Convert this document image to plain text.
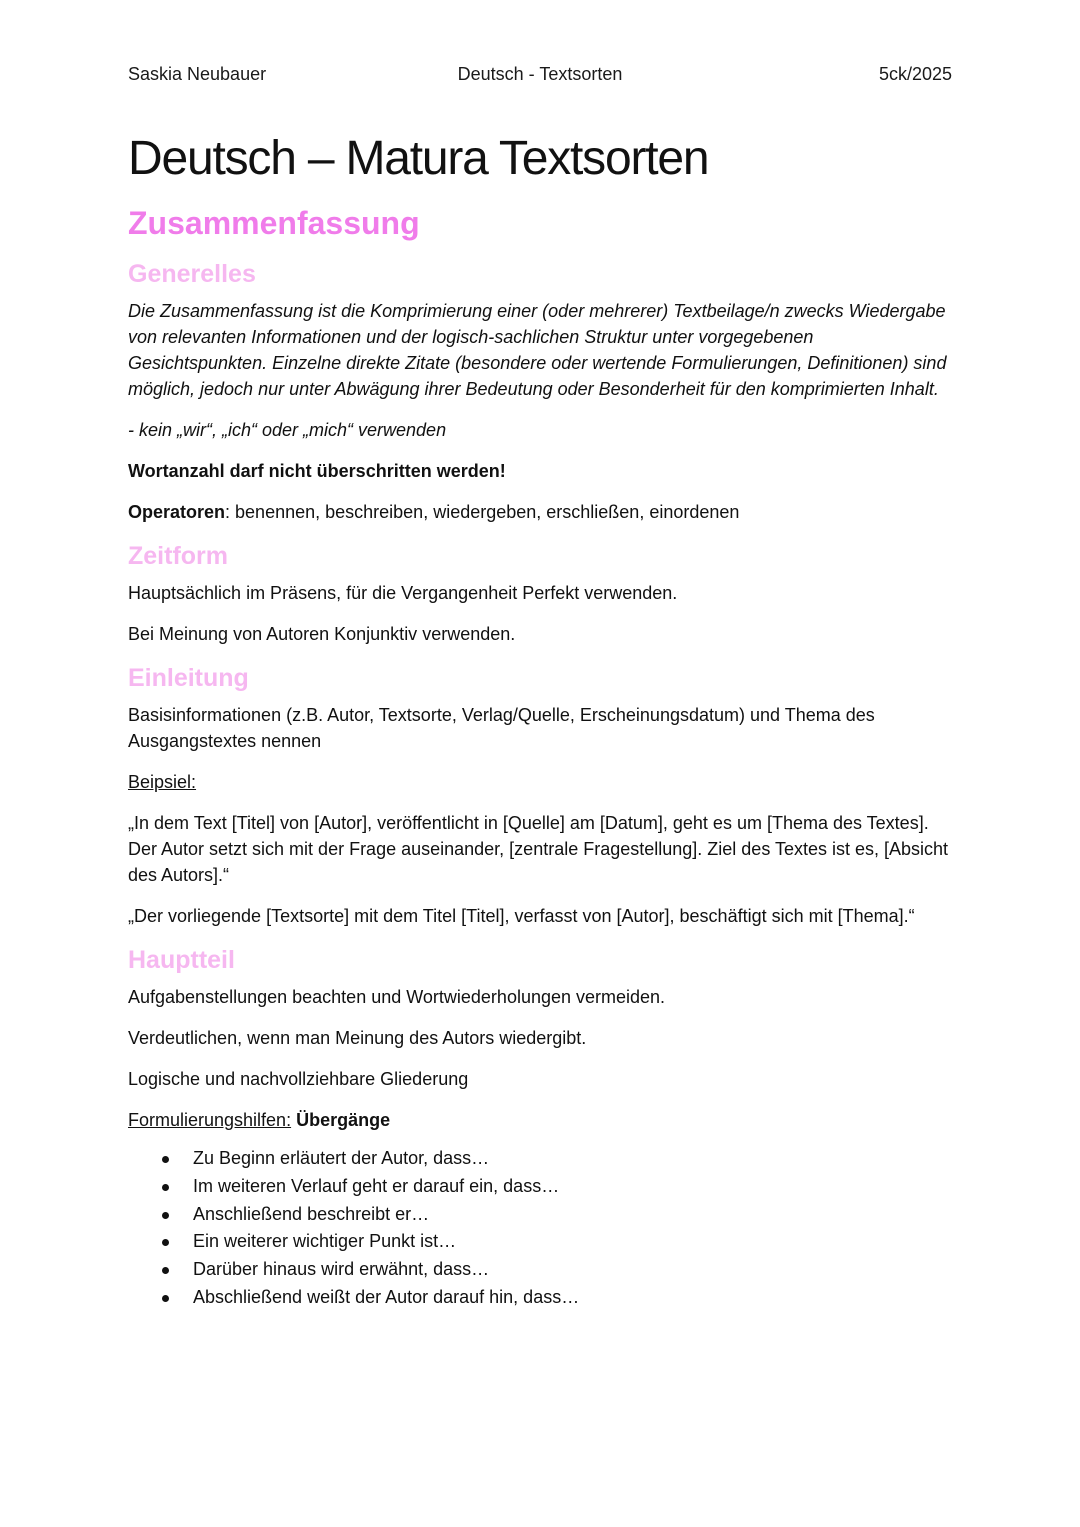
Saskia Neubauer	Deutsch - Textsorten	5ck/2025
Deutsch – Matura Textsorten
Zusammenfassung
Generelles

Die Zusammenfassung ist die Komprimierung einer (oder mehrerer) Textbeilage/n zwecks Wiedergabe von relevanten Informationen und der logisch-sachlichen Struktur unter vorgegebenen Gesichtspunkten. Einzelne direkte Zitate (besondere oder wertende Formulierungen, Definitionen) sind möglich, jedoch nur unter Abwägung ihrer Bedeutung oder Besonderheit für den komprimierten Inhalt.

- kein „wir“, „ich“ oder „mich“ verwenden

Wortanzahl darf nicht überschritten werden!

Operatoren: benennen, beschreiben, wiedergeben, erschließen, einordenen

Zeitform

Hauptsächlich im Präsens, für die Vergangenheit Perfekt verwenden.

Bei Meinung von Autoren Konjunktiv verwenden.

Einleitung

Basisinformationen (z.B. Autor, Textsorte, Verlag/Quelle, Erscheinungsdatum) und Thema des Ausgangstextes nennen

Beipsiel:

„In dem Text [Titel] von [Autor], veröffentlicht in [Quelle] am [Datum], geht es um [Thema des Textes]. Der Autor setzt sich mit der Frage auseinander, [zentrale Fragestellung]. Ziel des Textes ist es, [Absicht des Autors].“

„Der vorliegende [Textsorte] mit dem Titel [Titel], verfasst von [Autor], beschäftigt sich mit [Thema].“

Hauptteil

Aufgabenstellungen beachten und Wortwiederholungen vermeiden.

Verdeutlichen, wenn man Meinung des Autors wiedergibt.

Logische und nachvollziehbare Gliederung

Formulierungshilfen: Übergänge

Zu Beginn erläutert der Autor, dass…
Im weiteren Verlauf geht er darauf ein, dass…
Anschließend beschreibt er…
Ein weiterer wichtiger Punkt ist…
Darüber hinaus wird erwähnt, dass…
Abschließend weißt der Autor darauf hin, dass…
